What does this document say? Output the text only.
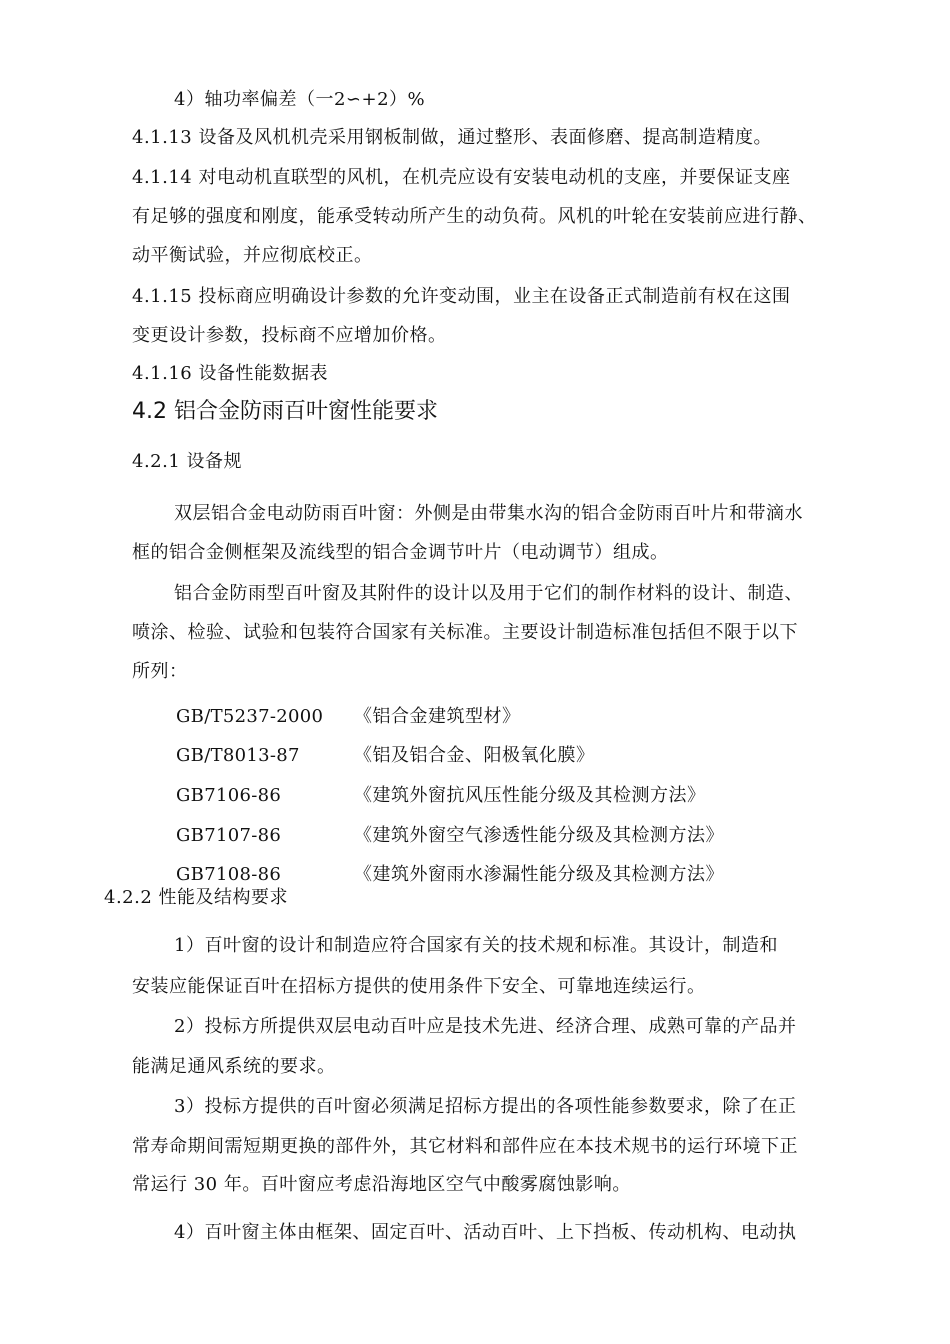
4）轴功率偏差（一2∽+2）%
4.1.13 设备及风机机壳采用钢板制做，通过整形、表面修磨、提高制造精度。
4.1.14 对电动机直联型的风机，在机壳应设有安装电动机的支座，并要保证支座
有足够的强度和刚度，能承受转动所产生的动负荷。风机的叶轮在安装前应进行静、
动平衡试验，并应彻底校正。
4.1.15 投标商应明确设计参数的允许变动围，业主在设备正式制造前有权在这围
变更设计参数，投标商不应增加价格。
4.1.16 设备性能数据表
4.2 铝合金防雨百叶窗性能要求
4.2.1 设备规
双层铝合金电动防雨百叶窗：外侧是由带集水沟的铝合金防雨百叶片和带滴水
框的铝合金侧框架及流线型的铝合金调节叶片（电动调节）组成。
铝合金防雨型百叶窗及其附件的设计以及用于它们的制作材料的设计、制造、
喷涂、检验、试验和包装符合国家有关标准。主要设计制造标准包括但不限于以下
所列：
GB/T5237-2000 《铝合金建筑型材》
GB/T8013-87	《铝及铝合金、阳极氧化膜》
GB7106-86	《建筑外窗抗风压性能分级及其检测方法》
GB7107-86	《建筑外窗空气渗透性能分级及其检测方法》
GB7108-86	《建筑外窗雨水渗漏性能分级及其检测方法》
4.2.2 性能及结构要求
1）百叶窗的设计和制造应符合国家有关的技术规和标准。其设计，制造和
安装应能保证百叶在招标方提供的使用条件下安全、可靠地连续运行。
2）投标方所提供双层电动百叶应是技术先进、经济合理、成熟可靠的产品并
能满足通风系统的要求。
3）投标方提供的百叶窗必须满足招标方提出的各项性能参数要求，除了在正
常寿命期间需短期更换的部件外，其它材料和部件应在本技术规书的运行环境下正
常运行 30 年。百叶窗应考虑沿海地区空气中酸雾腐蚀影响。
4）百叶窗主体由框架、固定百叶、活动百叶、上下挡板、传动机构、电动执
